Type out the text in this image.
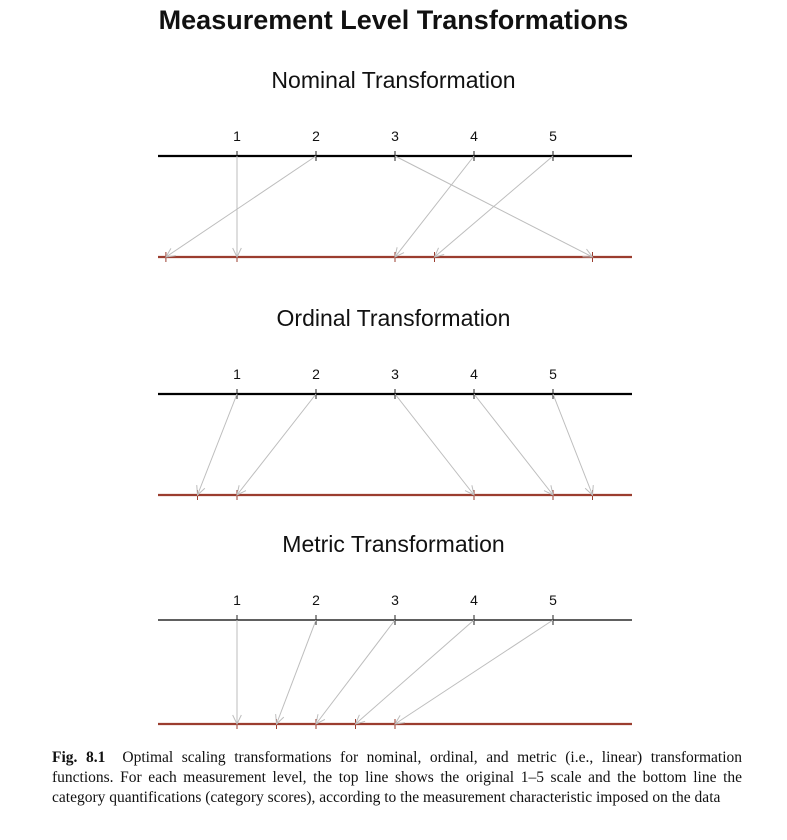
Measurement Level Transformations
Nominal Transformation
Ordinal Transformation
Metric Transformation
1	2	3	4	5
1	2	3	4	5
1	2	3	4	5
Fig. 8.1 Optimal scaling transformations for nominal, ordinal, and metric (i.e., linear) transformation functions. For each measurement level, the top line shows the original 1–5 scale and the bottom line the category quantifications (category scores), according to the measurement characteristic imposed on the data
